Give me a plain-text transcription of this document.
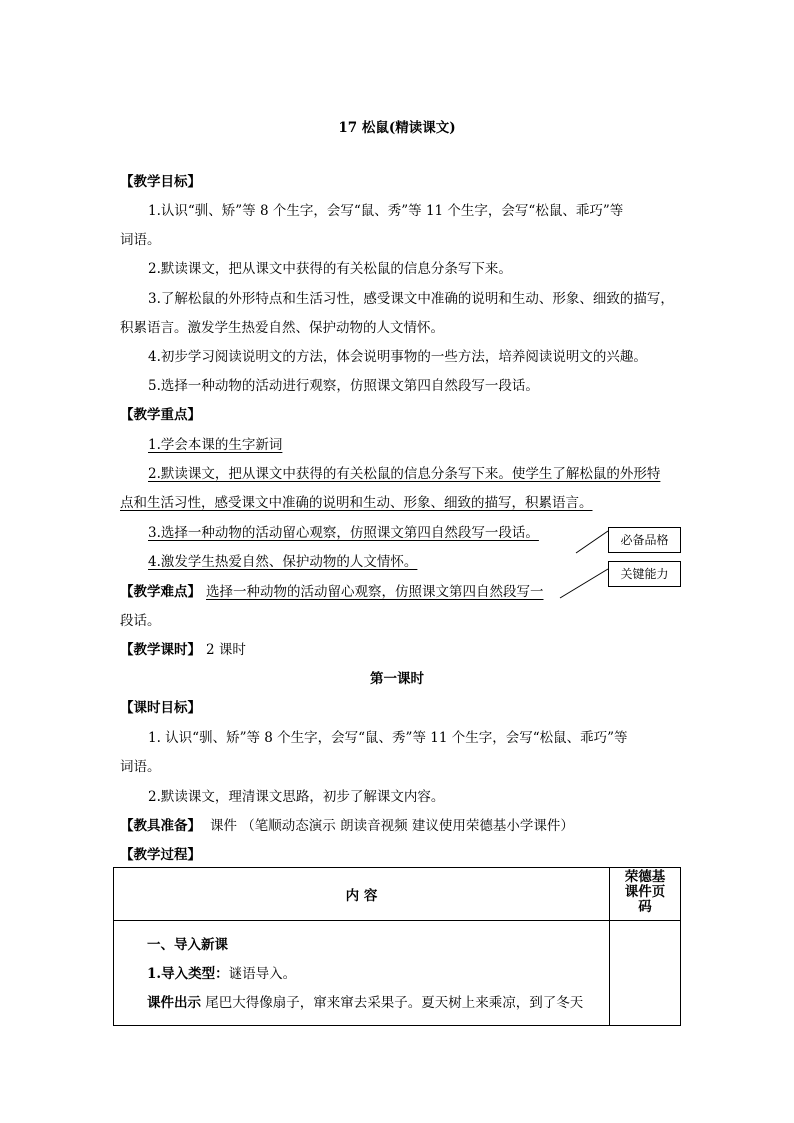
17 松鼠(精读课文)
【教学目标】
1.认识“驯、矫”等 8 个生字，会写“鼠、秀”等 11 个生字，会写“松鼠、乖巧”等
词语。
2.默读课文，把从课文中获得的有关松鼠的信息分条写下来。
3.了解松鼠的外形特点和生活习性，感受课文中准确的说明和生动、形象、细致的描写，
积累语言。激发学生热爱自然、保护动物的人文情怀。
4.初步学习阅读说明文的方法，体会说明事物的一些方法，培养阅读说明文的兴趣。
5.选择一种动物的活动进行观察，仿照课文第四自然段写一段话。
【教学重点】
1.学会本课的生字新词
2.默读课文，把从课文中获得的有关松鼠的信息分条写下来。使学生了解松鼠的外形特
点和生活习性，感受课文中准确的说明和生动、形象、细致的描写，积累语言。
3.选择一种动物的活动留心观察，仿照课文第四自然段写一段话。
4.激发学生热爱自然、保护动物的人文情怀。
【教学难点】 选择一种动物的活动留心观察，仿照课文第四自然段写一
段话。
【教学课时】 2 课时
必备品格
关键能力
第一课时
【课时目标】
1. 认识“驯、矫”等 8 个生字，会写“鼠、秀”等 11 个生字，会写“松鼠、乖巧”等
词语。
2.默读课文，理清课文思路，初步了解课文内容。
【教具准备】 课件 （笔顺动态演示 朗读音视频 建议使用荣德基小学课件）
【教学过程】
内 容	荣德基
课件页
码

一、导入新课
1.导入类型：谜语导入。
课件出示 尾巴大得像扇子，窜来窜去采果子。夏天树上来乘凉，到了冬天	
